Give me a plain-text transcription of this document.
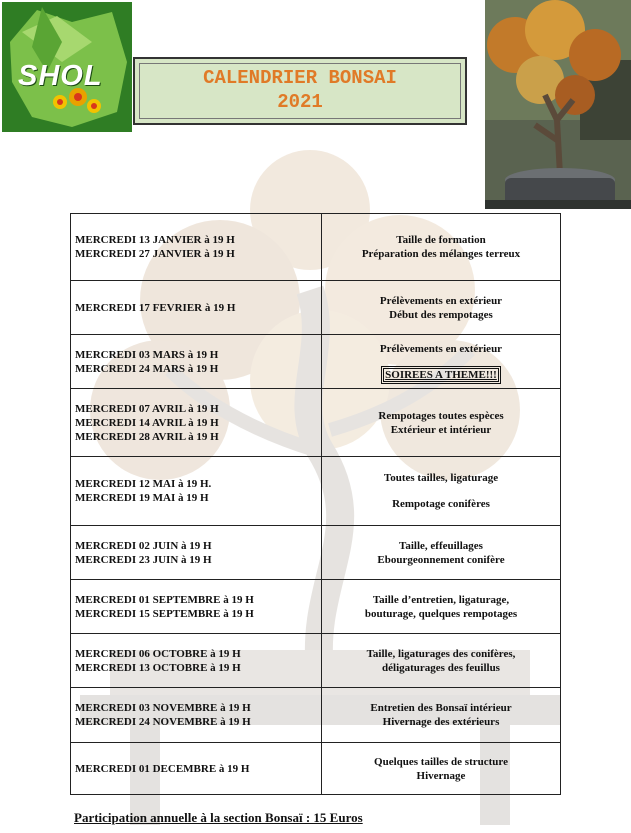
SHOL	CALENDRIER BONSAI
2021
MERCREDI 13 JANVIER à 19 H
MERCREDI 27 JANVIER à 19 H	Taille de formation
Préparation des mélanges terreux

MERCREDI 17 FEVRIER à 19 H	Prélèvements en extérieur
Début des rempotages

MERCREDI 03 MARS à 19 H
MERCREDI 24 MARS à 19 H	Prélèvements en extérieur
SOIREES A THEME!!!

MERCREDI 07 AVRIL à 19 H
MERCREDI 14 AVRIL à 19 H
MERCREDI 28 AVRIL à 19 H	Rempotages toutes espèces
Extérieur et intérieur

MERCREDI 12 MAI à 19 H.
MERCREDI 19 MAI à 19 H	Toutes tailles, ligaturage
Rempotage conifères

MERCREDI 02 JUIN à 19 H
MERCREDI 23 JUIN à 19 H	Taille, effeuillages
Ebourgeonnement conifère

MERCREDI 01 SEPTEMBRE à 19 H
MERCREDI 15 SEPTEMBRE à 19 H	Taille d’entretien, ligaturage,
bouturage, quelques rempotages

MERCREDI 06 OCTOBRE à 19 H
MERCREDI 13 OCTOBRE à 19 H	Taille, ligaturages des conifères,
déligaturages des feuillus

MERCREDI 03 NOVEMBRE à 19 H
MERCREDI 24 NOVEMBRE à 19 H	Entretien des Bonsaï intérieur
Hivernage des extérieurs

MERCREDI 01 DECEMBRE à 19 H	Quelques tailles de structure
Hivernage
Participation annuelle à la section Bonsaï : 15 Euros
